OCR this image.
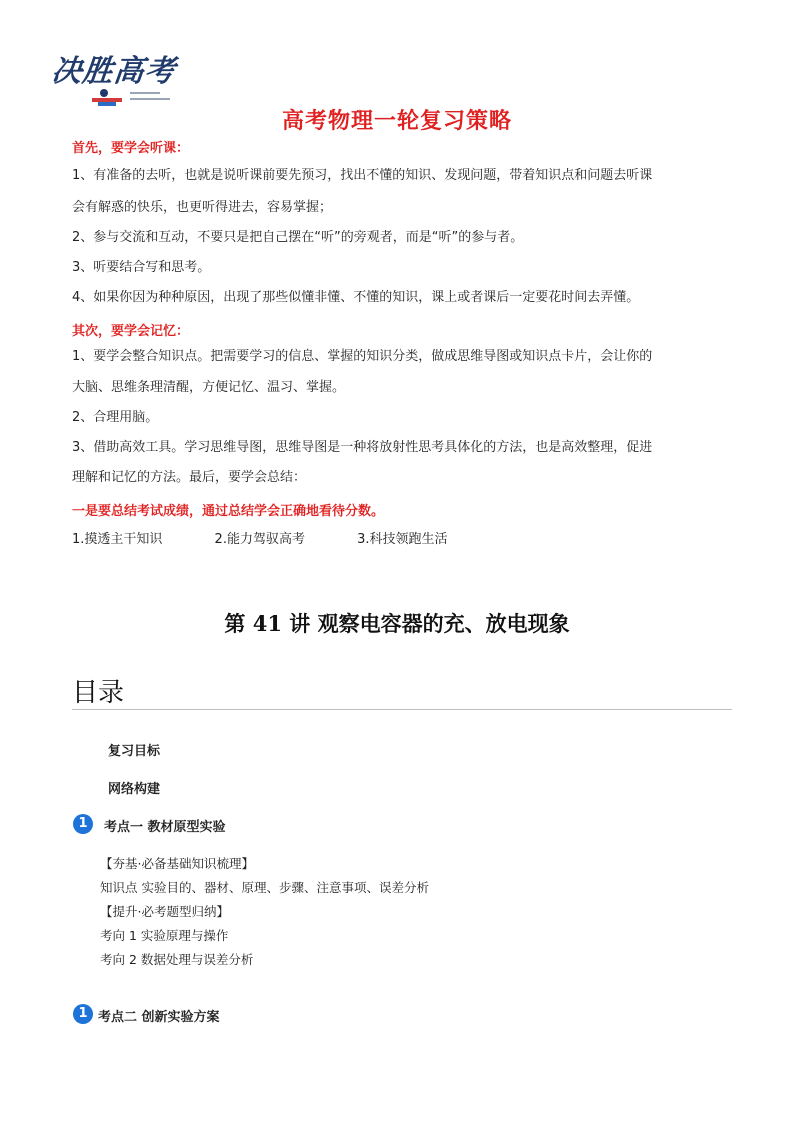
决胜高考
高考物理一轮复习策略
首先，要学会听课：
1、有准备的去听，也就是说听课前要先预习，找出不懂的知识、发现问题，带着知识点和问题去听课
会有解惑的快乐，也更听得进去，容易掌握；
2、参与交流和互动，不要只是把自己摆在“听”的旁观者，而是“听”的参与者。
3、听要结合写和思考。
4、如果你因为种种原因，出现了那些似懂非懂、不懂的知识，课上或者课后一定要花时间去弄懂。
其次，要学会记忆：
1、要学会整合知识点。把需要学习的信息、掌握的知识分类，做成思维导图或知识点卡片，会让你的
大脑、思维条理清醒，方便记忆、温习、掌握。
2、合理用脑。
3、借助高效工具。学习思维导图，思维导图是一种将放射性思考具体化的方法，也是高效整理，促进
理解和记忆的方法。最后，要学会总结：
一是要总结考试成绩，通过总结学会正确地看待分数。
1.摸透主干知识	2.能力驾驭高考	3.科技领跑生活
第 41 讲 观察电容器的充、放电现象
目录
复习目标
网络构建
1	考点一 教材原型实验
【夯基·必备基础知识梳理】
知识点 实验目的、器材、原理、步骤、注意事项、误差分析
【提升·必考题型归纳】
考向 1 实验原理与操作
考向 2 数据处理与误差分析
1 考点二 创新实验方案
